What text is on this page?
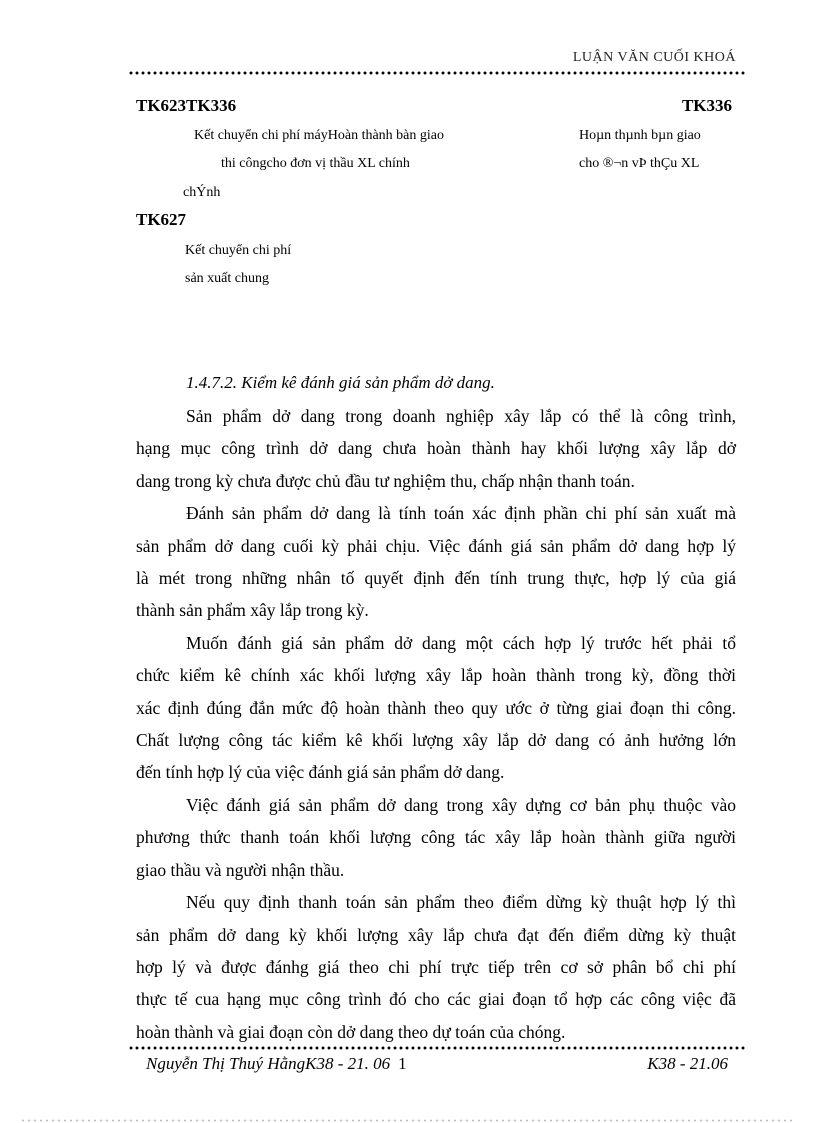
LUẬN VĂN CUỐI KHOÁ
TK623TK336	TK336
Kết chuyển chi phí máyHoàn thành bàn giao
thi côngcho đơn vị thầu XL chính
chÝnh
Hoµn thµnh bµn giao
cho ®¬n vÞ thÇu XL
TK627
Kết chuyển chi phí
sản xuất chung
1.4.7.2. Kiểm kê đánh giá sản phẩm dở dang.
Sản phẩm dở dang trong doanh nghiệp xây lắp có thể là công trình,
hạng mục công trình dở dang chưa hoàn thành hay khối lượng xây lắp dở
dang trong kỳ chưa được chủ đầu tư nghiệm thu, chấp nhận thanh toán.
Đánh sản phẩm dở dang là tính toán xác định phần chi phí sản xuất mà
sản phẩm dở dang cuối kỳ phải chịu. Việc đánh giá sản phẩm dở dang hợp lý
là mét trong những nhân tố quyết định đến tính trung thực, hợp lý của giá
thành sản phẩm xây lắp trong kỳ.
Muốn đánh giá sản phẩm dở dang một cách hợp lý trước hết phải tổ
chức kiểm kê chính xác khối lượng xây lắp hoàn thành trong kỳ, đồng thời
xác định đúng đắn mức độ hoàn thành theo quy ước ở từng giai đoạn thi công.
Chất lượng công tác kiểm kê khối lượng xây lắp dở dang có ảnh hưởng lớn
đến tính hợp lý của việc đánh giá sản phẩm dở dang.
Việc đánh giá sản phẩm dở dang trong xây dựng cơ bản phụ thuộc vào
phương thức thanh toán khối lượng công tác xây lắp hoàn thành giữa người
giao thầu và người nhận thầu.
Nếu quy định thanh toán sản phẩm theo điểm dừng kỳ thuật hợp lý thì
sản phẩm dở dang kỳ khối lượng xây lắp chưa đạt đến điểm dừng kỳ thuật
hợp lý và được đánhg giá theo chi phí trực tiếp trên cơ sở phân bổ chi phí
thực tế cua hạng mục công trình đó cho các giai đoạn tổ hợp các công việc đã
hoàn thành và giai đoạn còn dở dang theo dự toán của chóng.
Nguyễn Thị Thuý HằngK38 - 21. 06 1	K38 - 21.06
